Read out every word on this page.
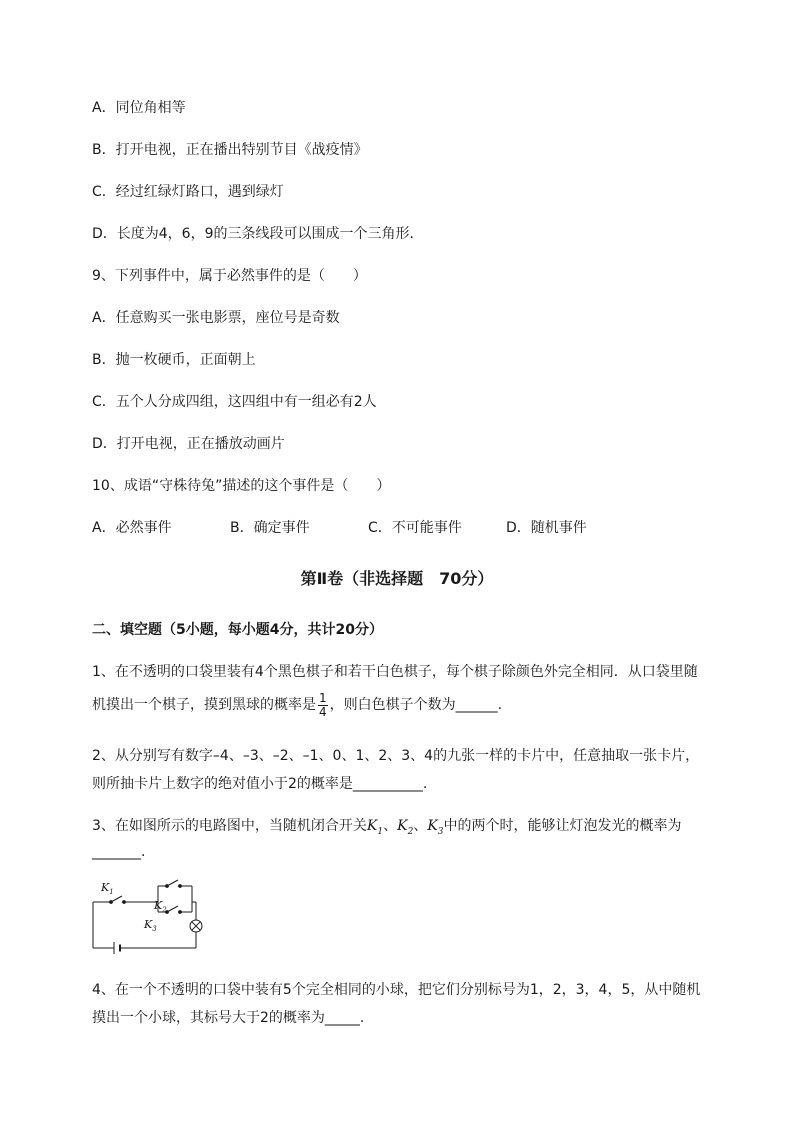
A．同位角相等
B．打开电视，正在播出特别节目《战疫情》
C．经过红绿灯路口，遇到绿灯
D．长度为4，6，9的三条线段可以围成一个三角形．
9、下列事件中，属于必然事件的是（　　）
A．任意购买一张电影票，座位号是奇数
B．抛一枚硬币，正面朝上
C．五个人分成四组，这四组中有一组必有2人
D．打开电视，正在播放动画片
10、成语“守株待兔”描述的这个事件是（　　）
A．必然事件	B．确定事件	C．不可能事件	D．随机事件
第Ⅱ卷（非选择题　70分）
二、填空题（5小题，每小题4分，共计20分）
1、在不透明的口袋里装有4个黑色棋子和若干白色棋子，每个棋子除颜色外完全相同．从口袋里随
机摸出一个棋子，摸到黑球的概率是 $\frac{1}{4}$ ，则白色棋子个数为______.
2、从分别写有数字–4、–3、–2、–1、0、1、2、3、4的九张一样的卡片中，任意抽取一张卡片，
则所抽卡片上数字的绝对值小于2的概率是__________.
3、在如图所示的电路图中，当随机闭合开关$K_1$、$K_2$、$K_3$中的两个时，能够让灯泡发光的概率为
_______.
$K_1$
$K_2$
$K_3$
4、在一个不透明的口袋中装有5个完全相同的小球，把它们分别标号为1，2，3，4，5，从中随机
摸出一个小球，其标号大于2的概率为_____.
